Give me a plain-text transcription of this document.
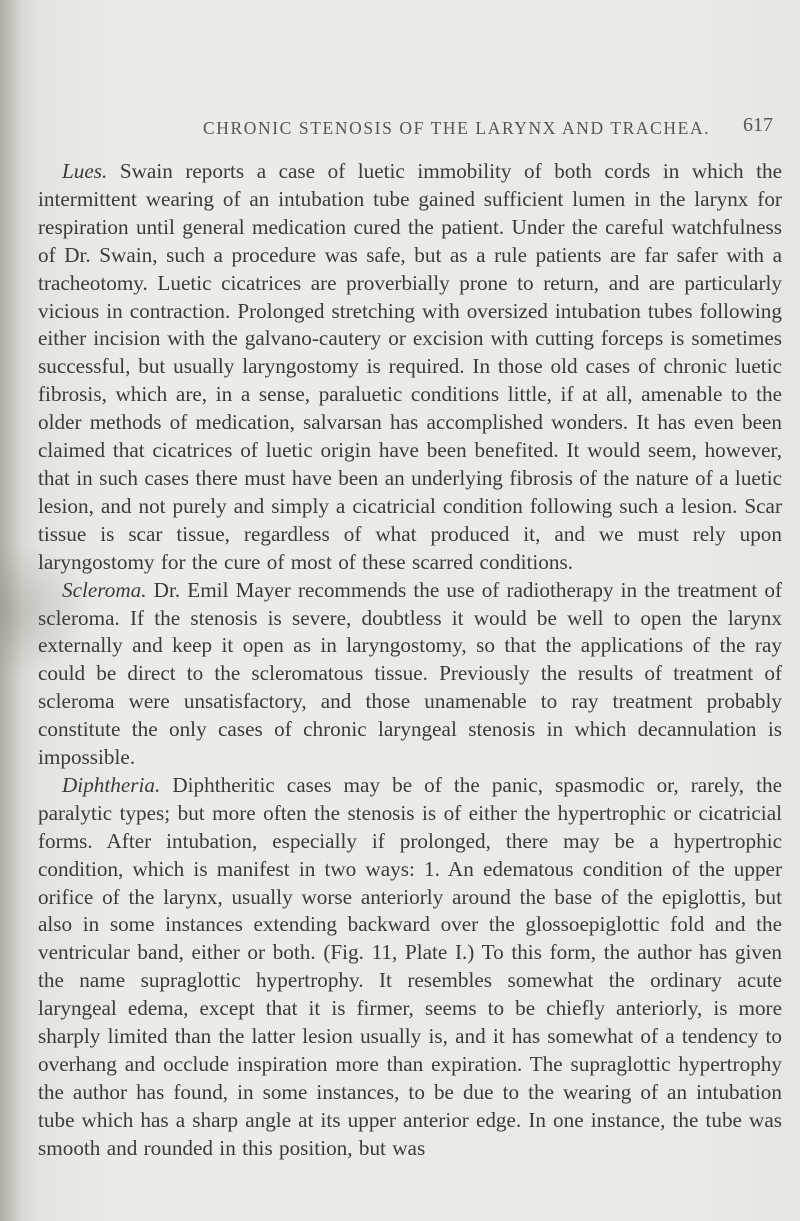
CHRONIC STENOSIS OF THE LARYNX AND TRACHEA. 617

Lues. Swain reports a case of luetic immobility of both cords in which the intermittent wearing of an intubation tube gained sufficient lumen in the larynx for respiration until general medication cured the patient. Under the careful watchfulness of Dr. Swain, such a procedure was safe, but as a rule patients are far safer with a tracheotomy. Luetic cicatrices are proverbially prone to return, and are particularly vicious in contraction. Prolonged stretching with oversized intubation tubes following either incision with the galvano-cautery or excision with cutting forceps is sometimes successful, but usually laryngostomy is required. In those old cases of chronic luetic fibrosis, which are, in a sense, paraluetic conditions little, if at all, amenable to the older methods of medication, salvarsan has accomplished wonders. It has even been claimed that cicatrices of luetic origin have been benefited. It would seem, however, that in such cases there must have been an underlying fibrosis of the nature of a luetic lesion, and not purely and simply a cicatricial condition following such a lesion. Scar tissue is scar tissue, regardless of what produced it, and we must rely upon laryngostomy for the cure of most of these scarred conditions.

Scleroma. Dr. Emil Mayer recommends the use of radiotherapy in the treatment of scleroma. If the stenosis is severe, doubtless it would be well to open the larynx externally and keep it open as in laryngostomy, so that the applications of the ray could be direct to the scleromatous tissue. Previously the results of treatment of scleroma were unsatisfactory, and those unamenable to ray treatment probably constitute the only cases of chronic laryngeal stenosis in which decannulation is impossible.

Diphtheria. Diphtheritic cases may be of the panic, spasmodic or, rarely, the paralytic types; but more often the stenosis is of either the hypertrophic or cicatricial forms. After intubation, especially if prolonged, there may be a hypertrophic condition, which is manifest in two ways: 1. An edematous condition of the upper orifice of the larynx, usually worse anteriorly around the base of the epiglottis, but also in some instances extending backward over the glossoepiglottic fold and the ventricular band, either or both. (Fig. 11, Plate I.) To this form, the author has given the name supraglottic hypertrophy. It resembles somewhat the ordinary acute laryngeal edema, except that it is firmer, seems to be chiefly anteriorly, is more sharply limited than the latter lesion usually is, and it has somewhat of a tendency to overhang and occlude inspiration more than expiration. The supraglottic hypertrophy the author has found, in some instances, to be due to the wearing of an intubation tube which has a sharp angle at its upper anterior edge. In one instance, the tube was smooth and rounded in this position, but was
